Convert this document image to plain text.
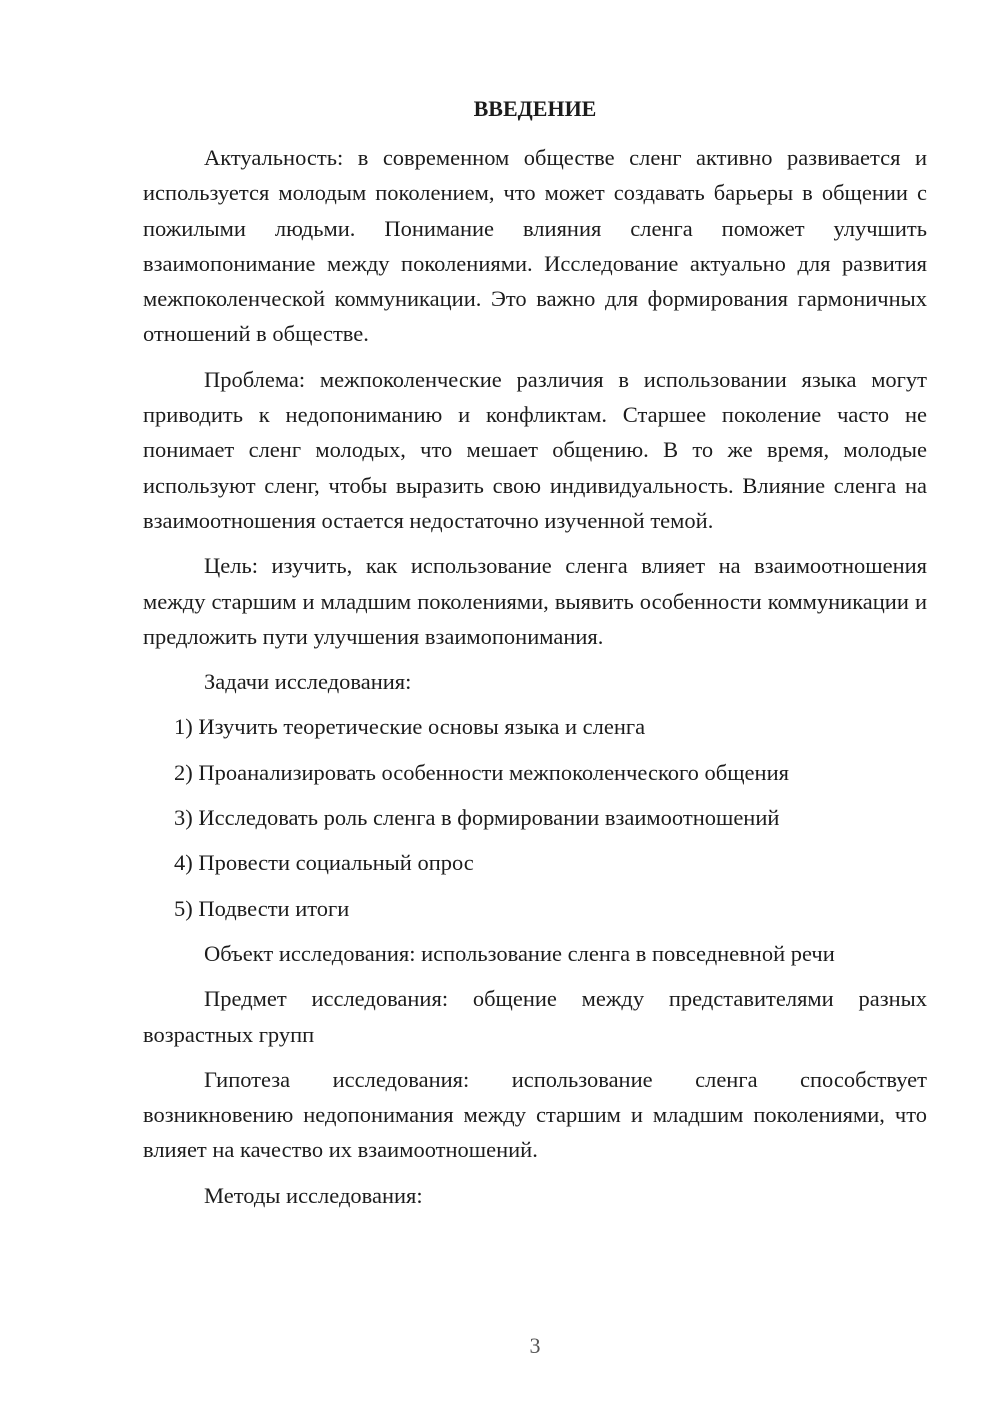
ВВЕДЕНИЕ

Актуальность: в современном обществе сленг активно развивается и используется молодым поколением, что может создавать барьеры в общении с пожилыми людьми. Понимание влияния сленга поможет улучшить взаимопонимание между поколениями. Исследование актуально для развития межпоколенческой коммуникации. Это важно для формирования гармоничных отношений в обществе.

Проблема: межпоколенческие различия в использовании языка могут приводить к недопониманию и конфликтам. Старшее поколение часто не понимает сленг молодых, что мешает общению. В то же время, молодые используют сленг, чтобы выразить свою индивидуальность. Влияние сленга на взаимоотношения остается недостаточно изученной темой.

Цель: изучить, как использование сленга влияет на взаимоотношения между старшим и младшим поколениями, выявить особенности коммуникации и предложить пути улучшения взаимопонимания.

Задачи исследования:

1) Изучить теоретические основы языка и сленга
2) Проанализировать особенности межпоколенческого общения
3) Исследовать роль сленга в формировании взаимоотношений
4) Провести социальный опрос
5) Подвести итоги

Объект исследования: использование сленга в повседневной речи

Предмет исследования: общение между представителями разных возрастных групп

Гипотеза исследования: использование сленга способствует возникновению недопонимания между старшим и младшим поколениями, что влияет на качество их взаимоотношений.

Методы исследования:

3
